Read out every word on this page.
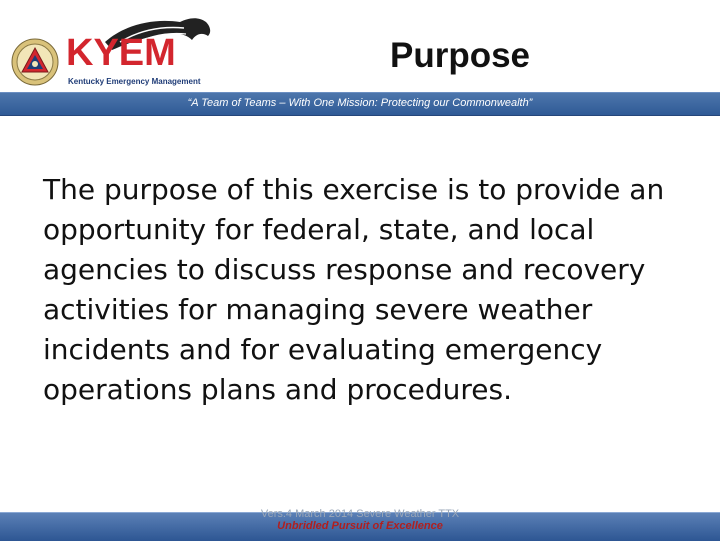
KYEM
Kentucky Emergency Management
Purpose
“A Team of Teams – With One Mission: Protecting our Commonwealth”
The purpose of this exercise is to provide an opportunity for federal, state, and local agencies to discuss response and recovery activities for managing severe weather incidents and for evaluating emergency operations plans and procedures.
Vers.4 March 2014 Severe Weather TTX
Unbridled Pursuit of Excellence
